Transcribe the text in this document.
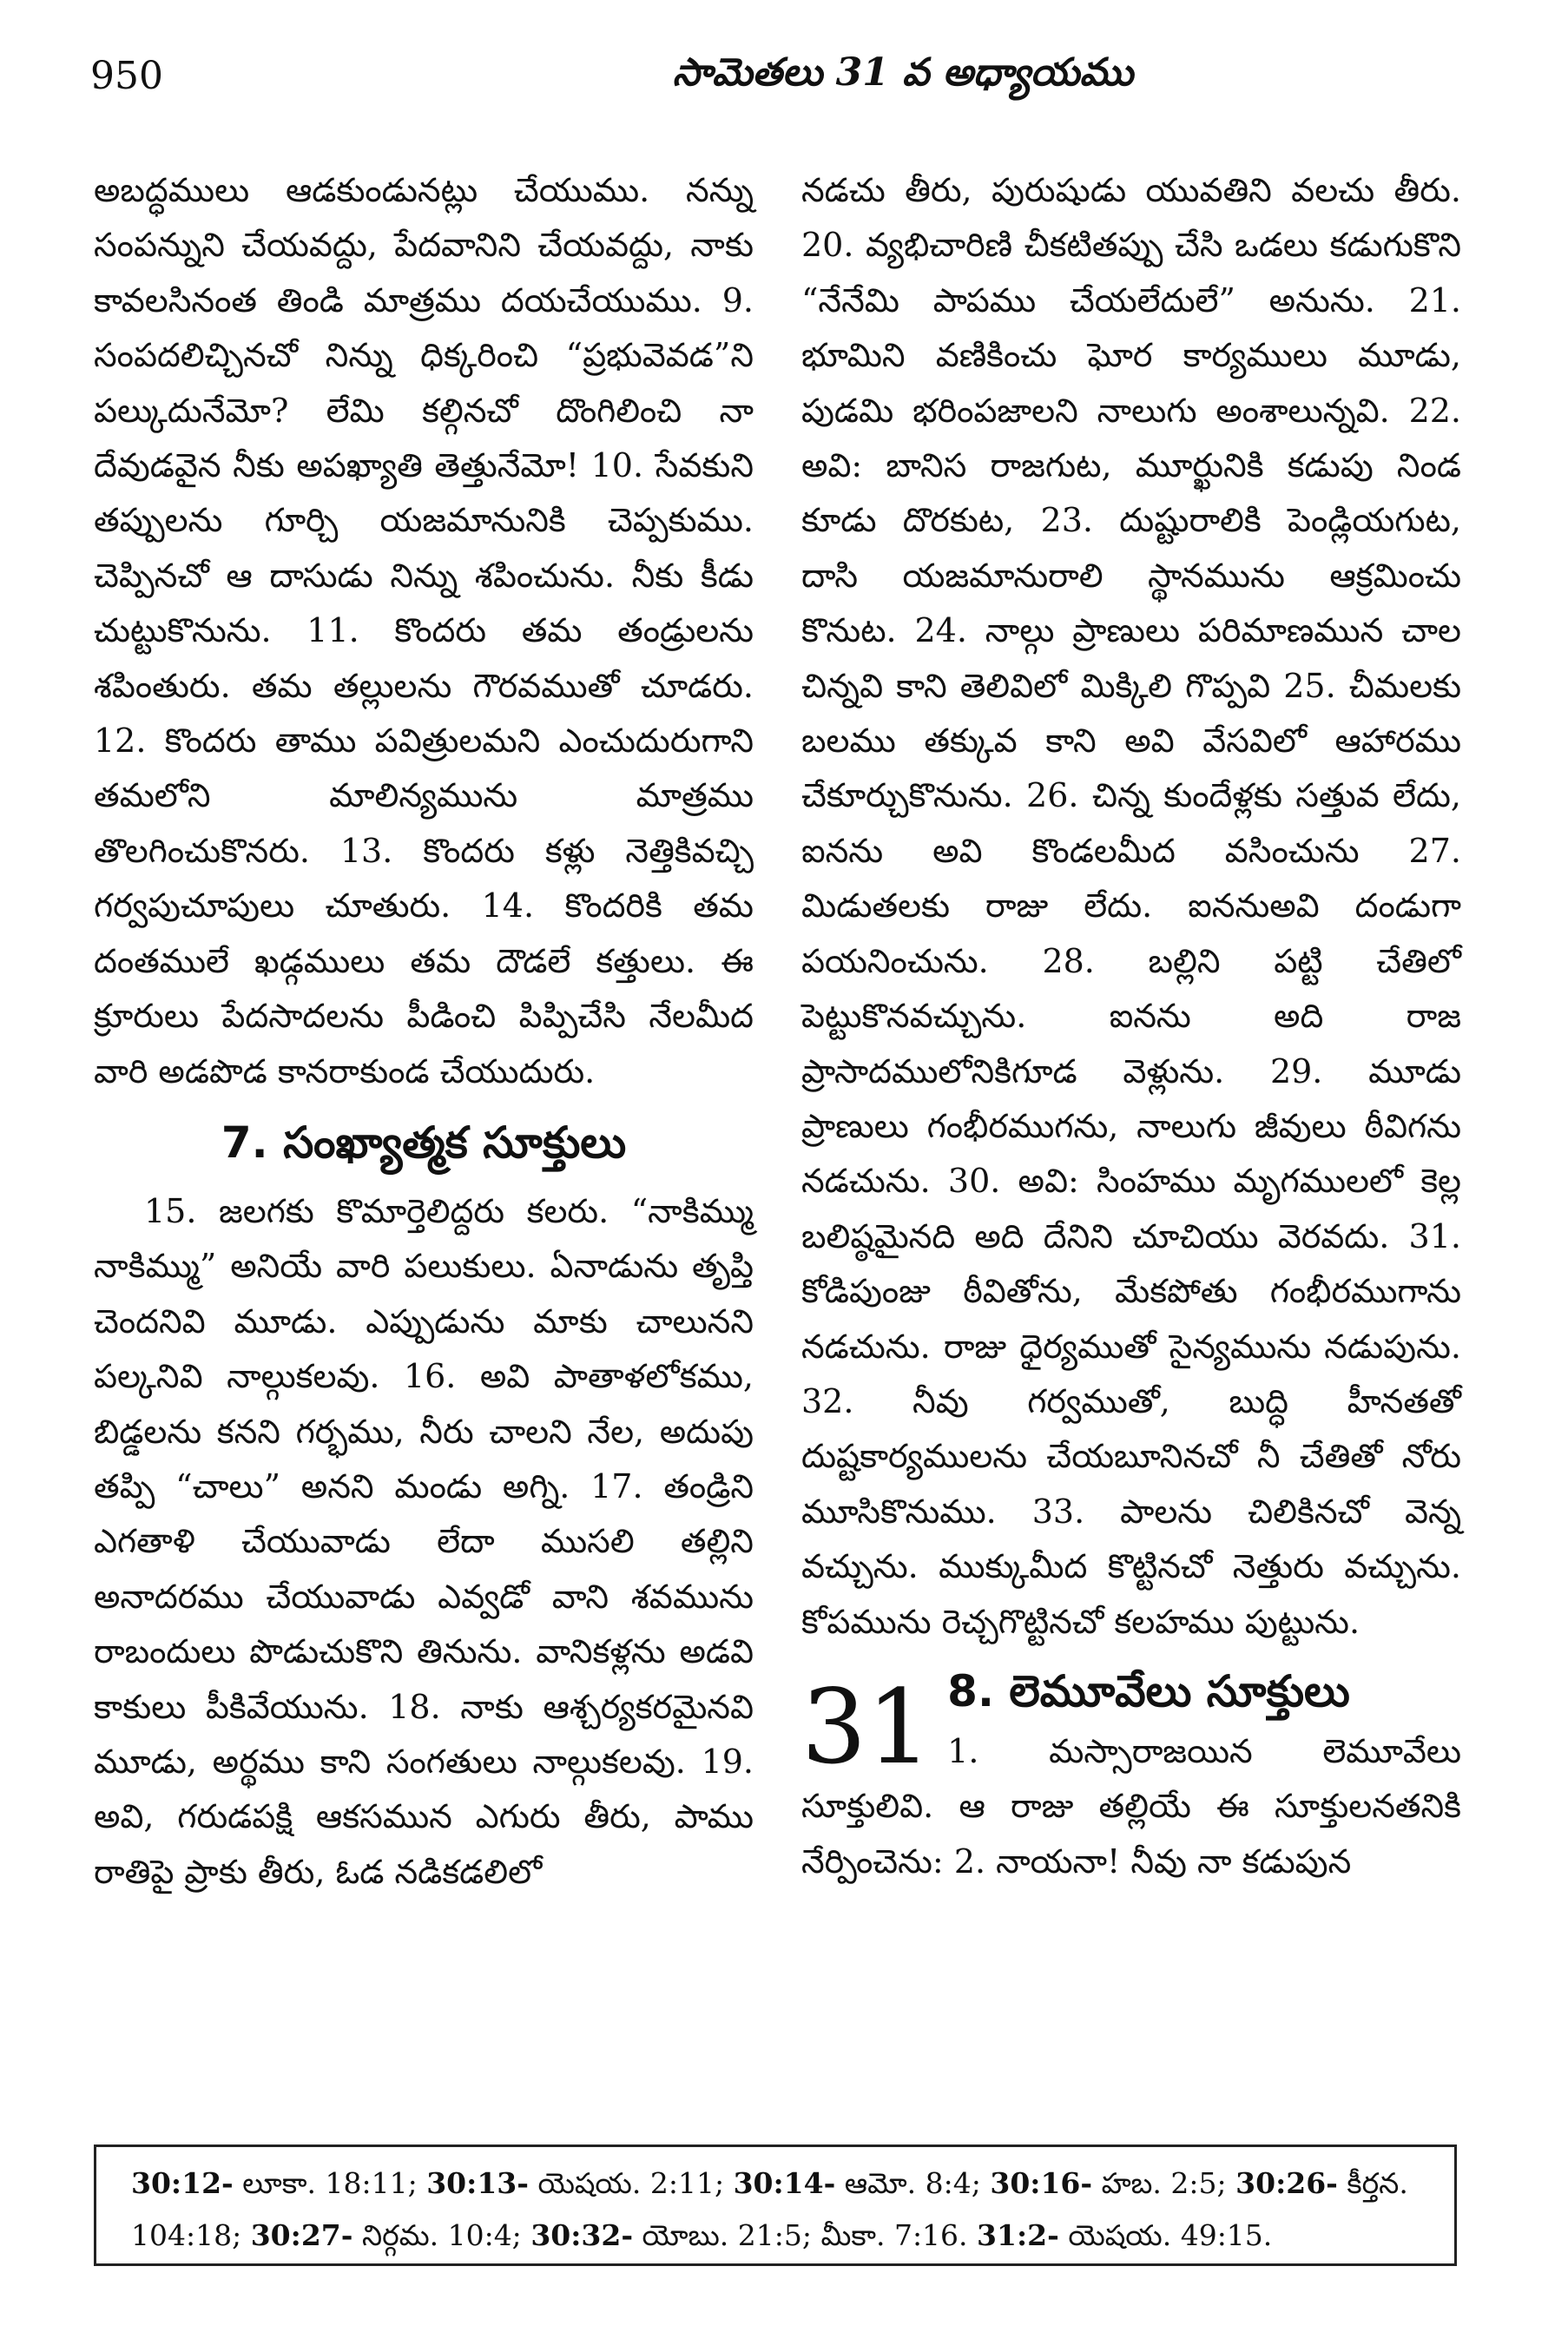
950	సామెతలు 31 వ అధ్యాయము

అబద్ధములు ఆడకుండునట్లు చేయుము. నన్ను సంపన్నుని చేయవద్దు, పేదవానిని చేయవద్దు, నాకు కావలసినంత తిండి మాత్రము దయచేయుము. 9. సంపదలిచ్చినచో నిన్ను ధిక్కరించి “ప్రభువెవడ”ని పల్కుదునేమో? లేమి కల్గినచో దొంగిలించి నా దేవుడవైన నీకు అపఖ్యాతి తెత్తునేమో! 10. సేవకుని తప్పులను గూర్చి యజమానునికి చెప్పకుము. చెప్పినచో ఆ దాసుడు నిన్ను శపించును. నీకు కీడు చుట్టుకొనును. 11. కొందరు తమ తండ్రులను శపింతురు. తమ తల్లులను గౌరవముతో చూడరు. 12. కొందరు తాము పవిత్రులమని ఎంచుదురుగాని తమలోని మాలిన్యమును మాత్రము తొలగించుకొనరు. 13. కొందరు కళ్లు నెత్తికివచ్చి గర్వపుచూపులు చూతురు. 14. కొందరికి తమ దంతములే ఖడ్గములు తమ దౌడలే కత్తులు. ఈ క్రూరులు పేదసాదలను పీడించి పిప్పిచేసి నేలమీద వారి అడపొడ కానరాకుండ చేయుదురు.

7. సంఖ్యాత్మక సూక్తులు

15. జలగకు కొమార్తెలిద్దరు కలరు. “నాకిమ్ము నాకిమ్ము” అనియే వారి పలుకులు. ఏనాడును తృప్తి చెందనివి మూడు. ఎప్పుడును మాకు చాలునని పల్కనివి నాల్గుకలవు. 16. అవి పాతాళలోకము, బిడ్డలను కనని గర్భము, నీరు చాలని నేల, అదుపు తప్పి “చాలు” అనని మండు అగ్ని. 17. తండ్రిని ఎగతాళి చేయువాడు లేదా ముసలి తల్లిని అనాదరము చేయువాడు ఎవ్వడో వాని శవమును రాబందులు పొడుచుకొని తినును. వానికళ్లను అడవి కాకులు పీకివేయును. 18. నాకు ఆశ్చర్యకరమైనవి మూడు, అర్థము కాని సంగతులు నాల్గుకలవు. 19. అవి, గరుడపక్షి ఆకసమున ఎగురు తీరు, పాము రాతిపై ప్రాకు తీరు, ఓడ నడికడలిలో

నడచు తీరు, పురుషుడు యువతిని వలచు తీరు. 20. వ్యభిచారిణి చీకటితప్పు చేసి ఒడలు కడుగుకొని “నేనేమి పాపము చేయలేదులే” అనును. 21. భూమిని వణికించు ఘోర కార్యములు మూడు, పుడమి భరింపజాలని నాలుగు అంశాలున్నవి. 22. అవి: బానిస రాజగుట, మూర్ఖునికి కడుపు నిండ కూడు దొరకుట, 23. దుష్టురాలికి పెండ్లియగుట, దాసి యజమానురాలి స్థానమును ఆక్రమించు కొనుట. 24. నాల్గు ప్రాణులు పరిమాణమున చాల చిన్నవి కాని తెలివిలో మిక్కిలి గొప్పవి 25. చీమలకు బలము తక్కువ కాని అవి వేసవిలో ఆహారము చేకూర్చుకొనును. 26. చిన్న కుందేళ్లకు సత్తువ లేదు, ఐనను అవి కొండలమీద వసించును 27. మిడుతలకు రాజు లేదు. ఐననుఅవి దండుగా పయనించును. 28. బల్లిని పట్టి చేతిలో పెట్టుకొనవచ్చును. ఐనను అది రాజ ప్రాసాదములోనికిగూడ వెళ్లును. 29. మూడు ప్రాణులు గంభీరముగను, నాలుగు జీవులు ఠీవిగను నడచును. 30. అవి: సింహము మృగములలో కెల్ల బలిష్ఠమైనది అది దేనిని చూచియు వెరవదు. 31. కోడిపుంజు ఠీవితోను, మేకపోతు గంభీరముగాను నడచును. రాజు ధైర్యముతో సైన్యమును నడుపును. 32. నీవు గర్వముతో, బుద్ధి హీనతతో దుష్టకార్యములను చేయబూనినచో నీ చేతితో నోరు మూసికొనుము. 33. పాలను చిలికినచో వెన్న వచ్చును. ముక్కుమీద కొట్టినచో నెత్తురు వచ్చును. కోపమును రెచ్చగొట్టినచో కలహము పుట్టును.

31 8. లెమూవేలు సూక్తులు

1. మస్సారాజయిన లెమూవేలు సూక్తులివి. ఆ రాజు తల్లియే ఈ సూక్తులనతనికి నేర్పించెను: 2. నాయనా! నీవు నా కడుపున

30:12- లూకా. 18:11; 30:13- యెషయ. 2:11; 30:14- ఆమో. 8:4; 30:16- హబ. 2:5; 30:26- కీర్తన. 104:18; 30:27- నిర్గమ. 10:4; 30:32- యోబు. 21:5; మీకా. 7:16. 31:2- యెషయ. 49:15.
